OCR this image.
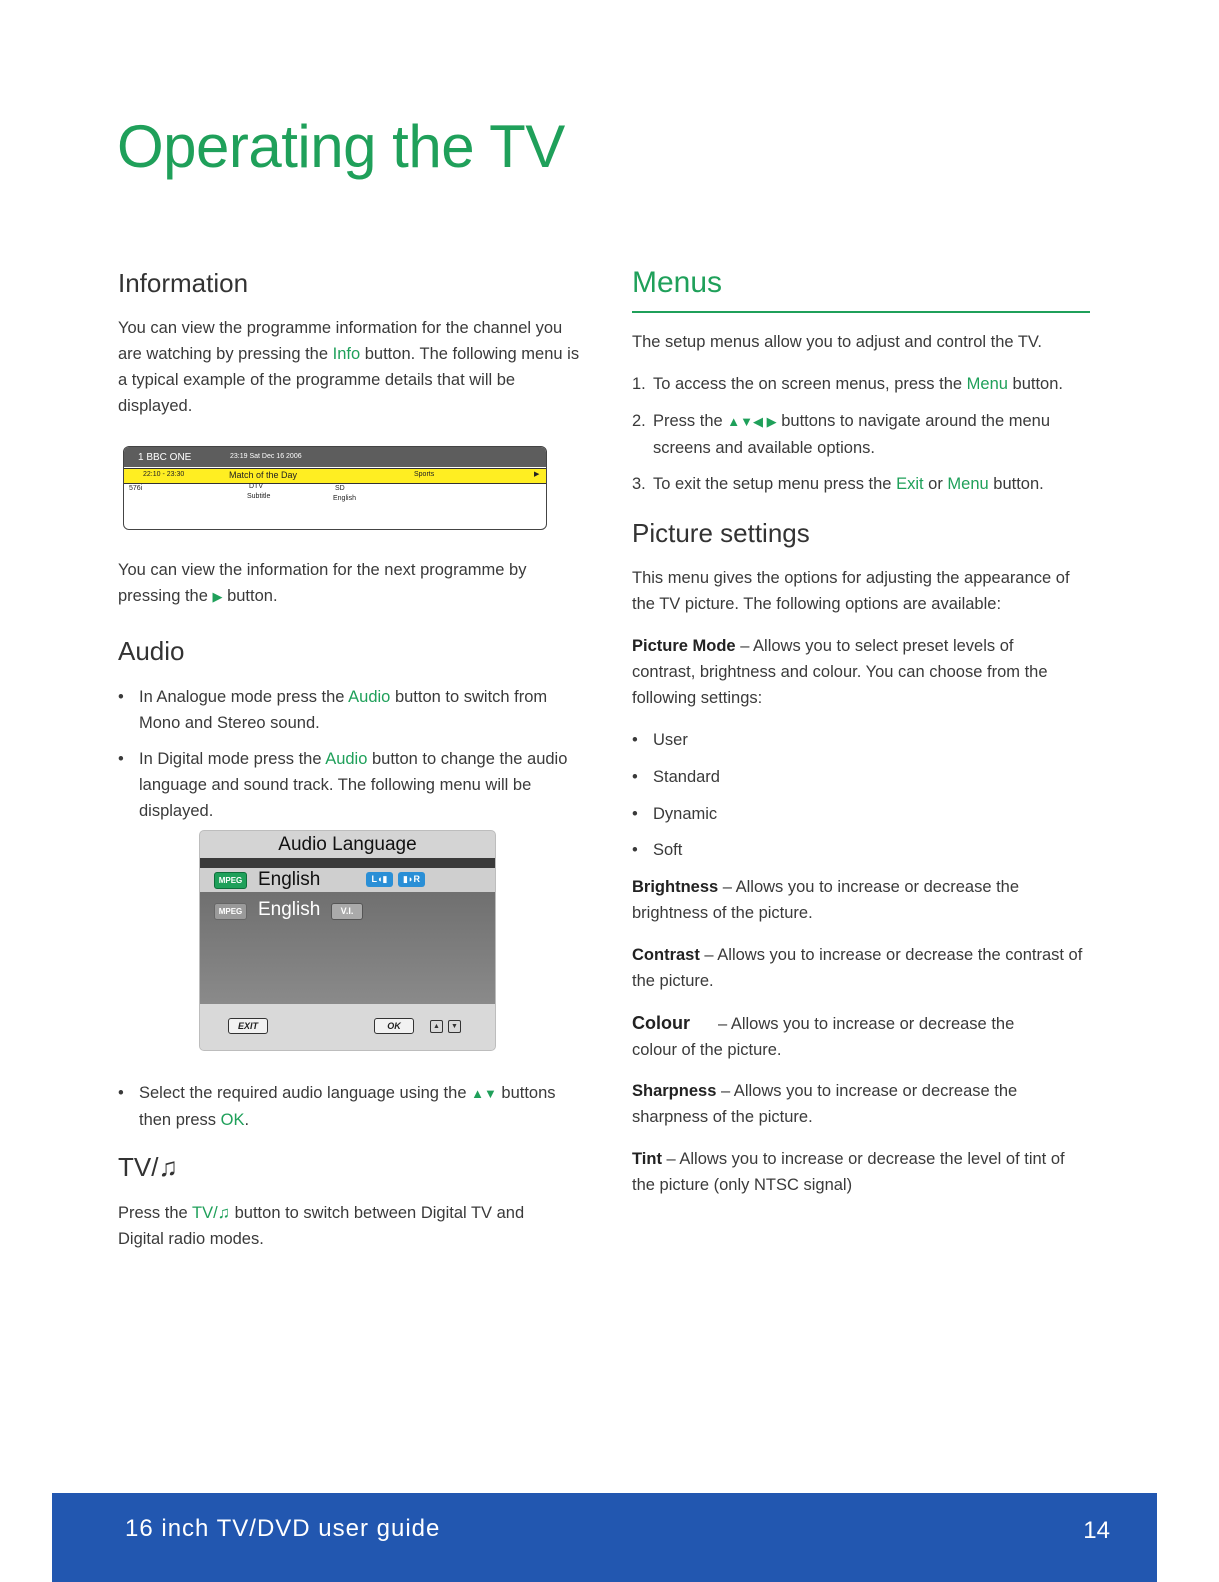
Operating the TV
Information

You can view the programme information for the channel you are watching by pressing the Info button. The following menu is a typical example of the programme details that will be displayed.

1 BBC ONE	23:19 Sat Dec 16 2006
22:10 - 23:30	Match of the Day	Sports	▶
576i	DTV
Subtitle
SD
English

You can view the information for the next programme by pressing the ▶ button.

Audio

• In Analogue mode press the Audio button to switch from Mono and Stereo sound.

• In Digital mode press the Audio button to change the audio language and sound track. The following menu will be displayed.

Audio Language
MPEG English	L◖▮	▮◗R
MPEG English	V.I.
EXIT	OK	▲	▼

• Select the required audio language using the ▲▼ buttons then press OK.

TV/♫

Press the TV/♫ button to switch between Digital TV and Digital radio modes.

Menus

The setup menus allow you to adjust and control the TV.

1. To access the on screen menus, press the Menu button.

2. Press the ▲▼◀ ▶ buttons to navigate around the menu screens and available options.

3. To exit the setup menu press the Exit or Menu button.

Picture settings

This menu gives the options for adjusting the appearance of the TV picture. The following options are available:

Picture Mode – Allows you to select preset levels of contrast, brightness and colour. You can choose from the following settings:

• User

• Standard

• Dynamic

• Soft

Brightness – Allows you to increase or decrease the brightness of the picture.

Contrast – Allows you to increase or decrease the contrast of the picture.

Colour – Allows you to increase or decrease the
colour of the picture.

Sharpness – Allows you to increase or decrease the sharpness of the picture.

Tint – Allows you to increase or decrease the level of tint of the picture (only NTSC signal)

16 inch TV/DVD user guide	14
